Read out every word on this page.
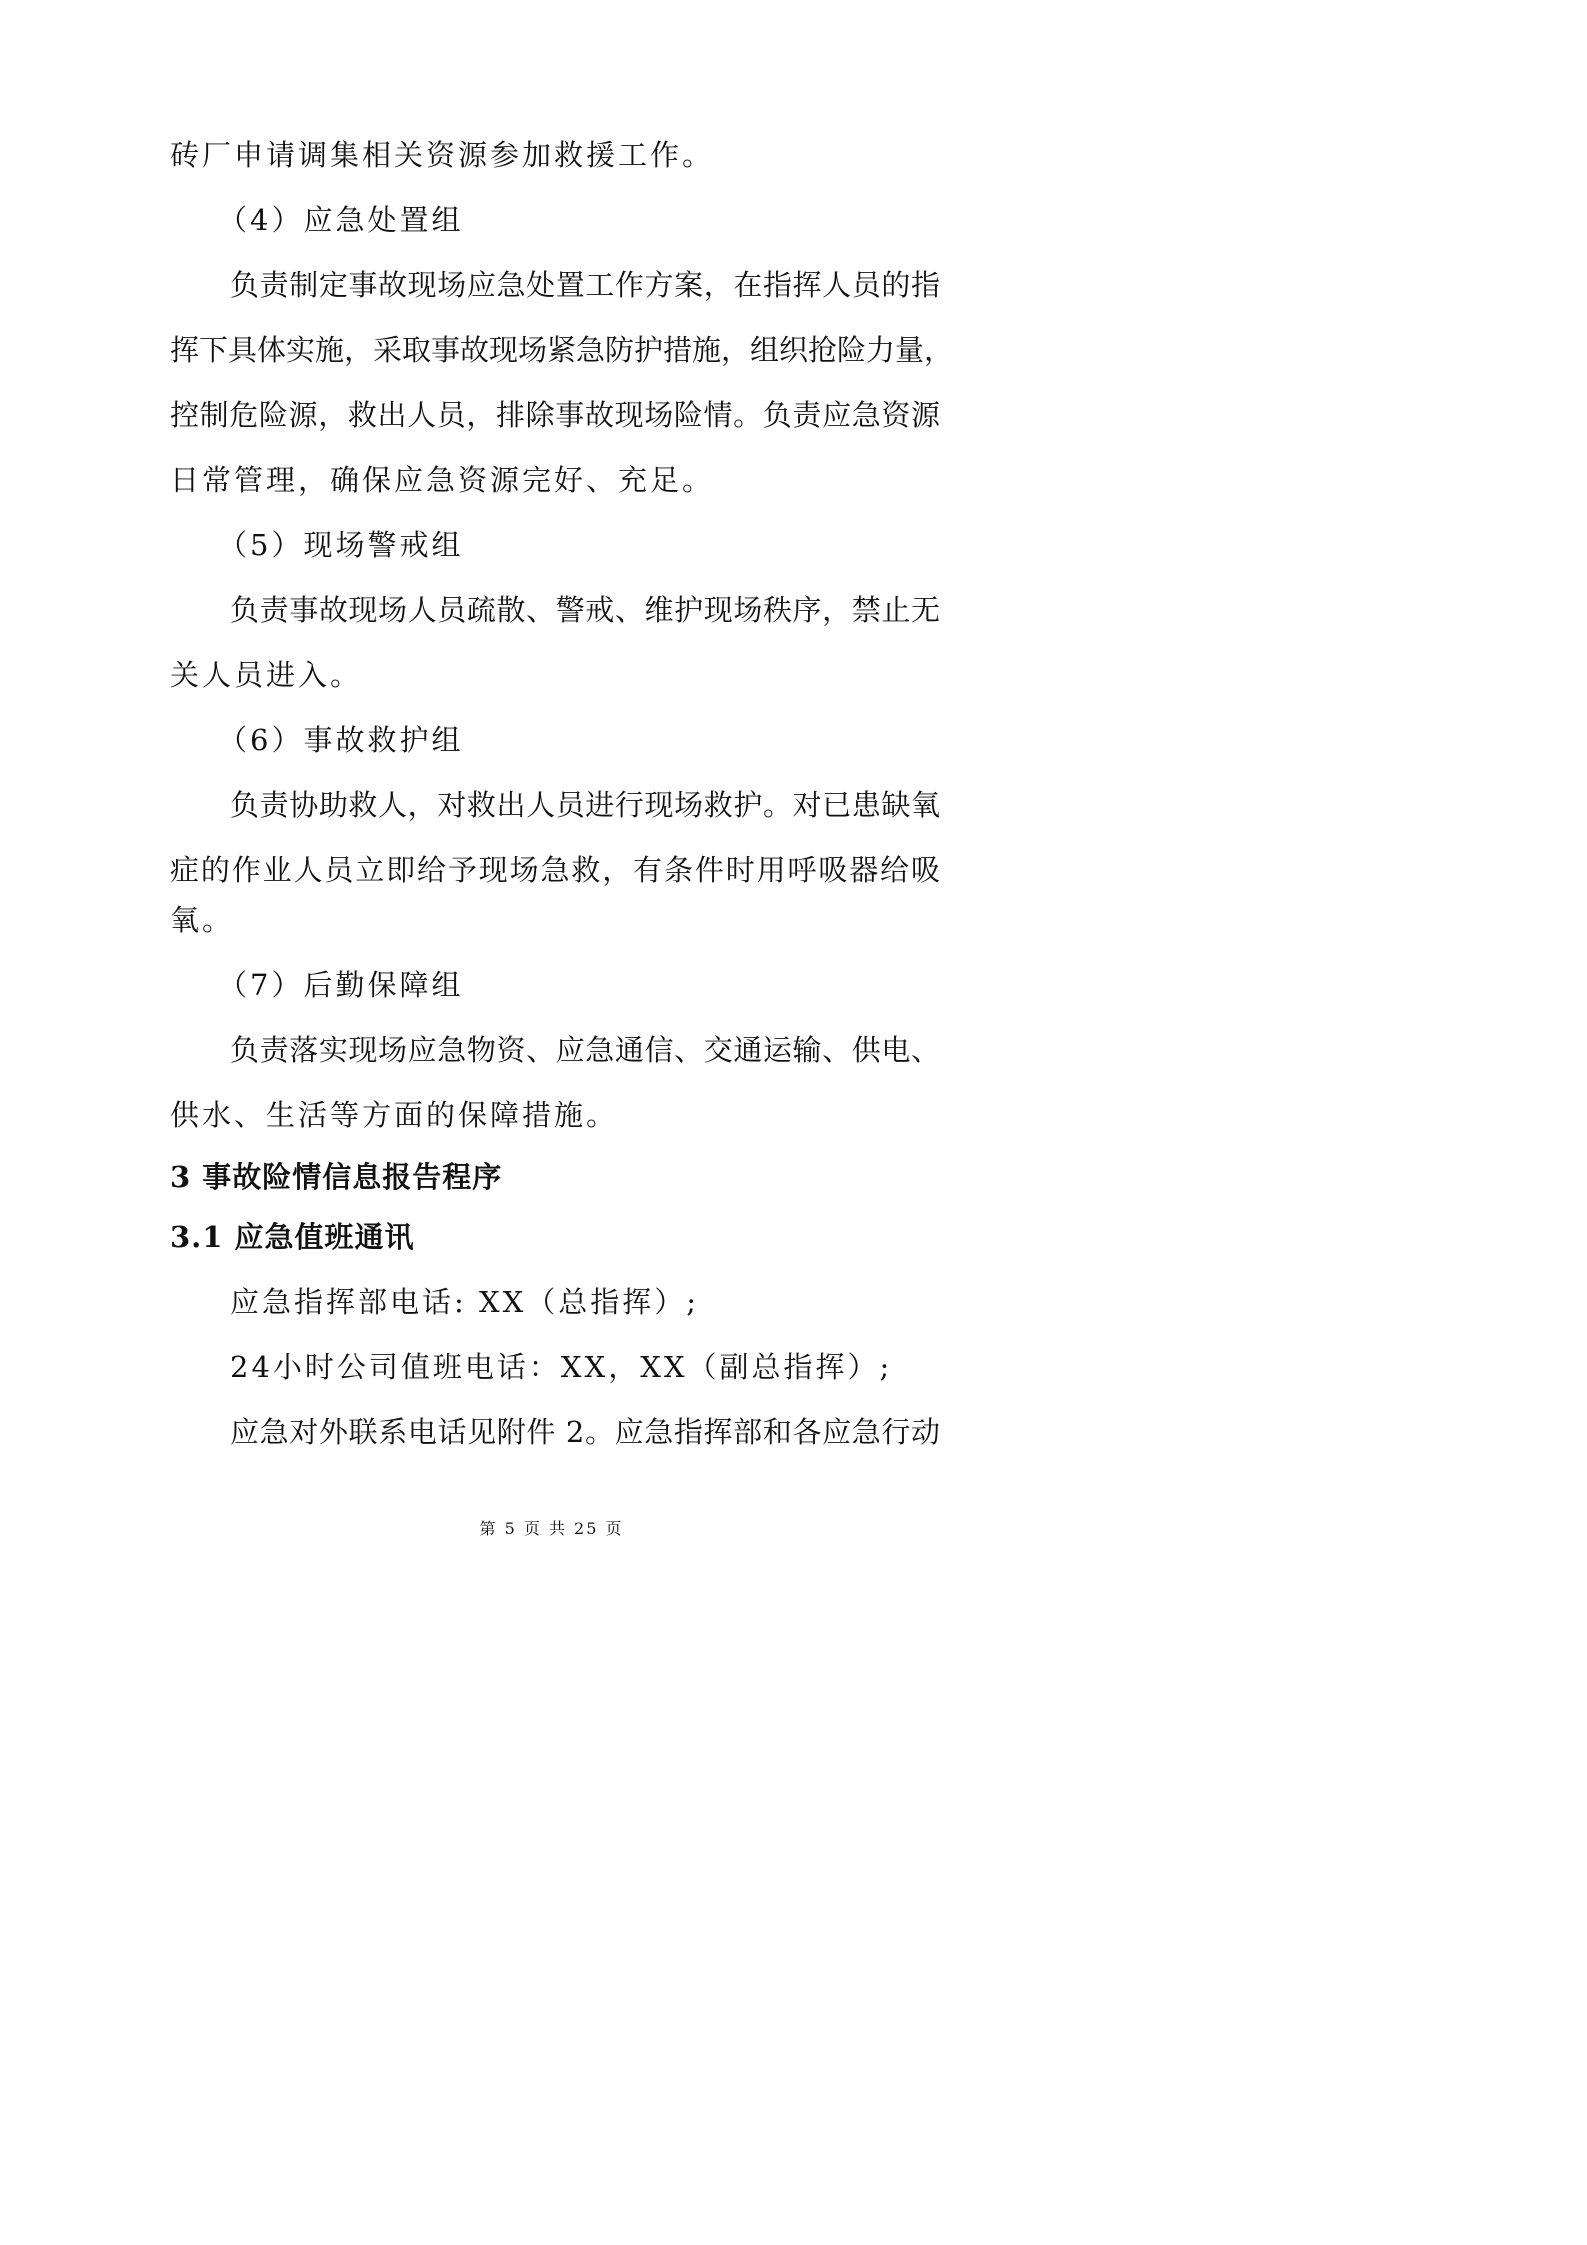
砖厂申请调集相关资源参加救援工作。
（4）应急处置组
负责制定事故现场应急处置工作方案，在指挥人员的指
挥下具体实施，采取事故现场紧急防护措施，组织抢险力量，
控制危险源，救出人员，排除事故现场险情。负责应急资源
日常管理，确保应急资源完好、充足。
（5）现场警戒组
负责事故现场人员疏散、警戒、维护现场秩序，禁止无
关人员进入。
（6）事故救护组
负责协助救人，对救出人员进行现场救护。对已患缺氧
症的作业人员立即给予现场急救，有条件时用呼吸器给吸
氧。
（7）后勤保障组
负责落实现场应急物资、应急通信、交通运输、供电、
供水、生活等方面的保障措施。
3 事故险情信息报告程序
3.1 应急值班通讯
应急指挥部电话: XX（总指挥）;
24小时公司值班电话：XX，XX（副总指挥）;
应急对外联系电话见附件 2。应急指挥部和各应急行动
第 5 页 共 25 页
